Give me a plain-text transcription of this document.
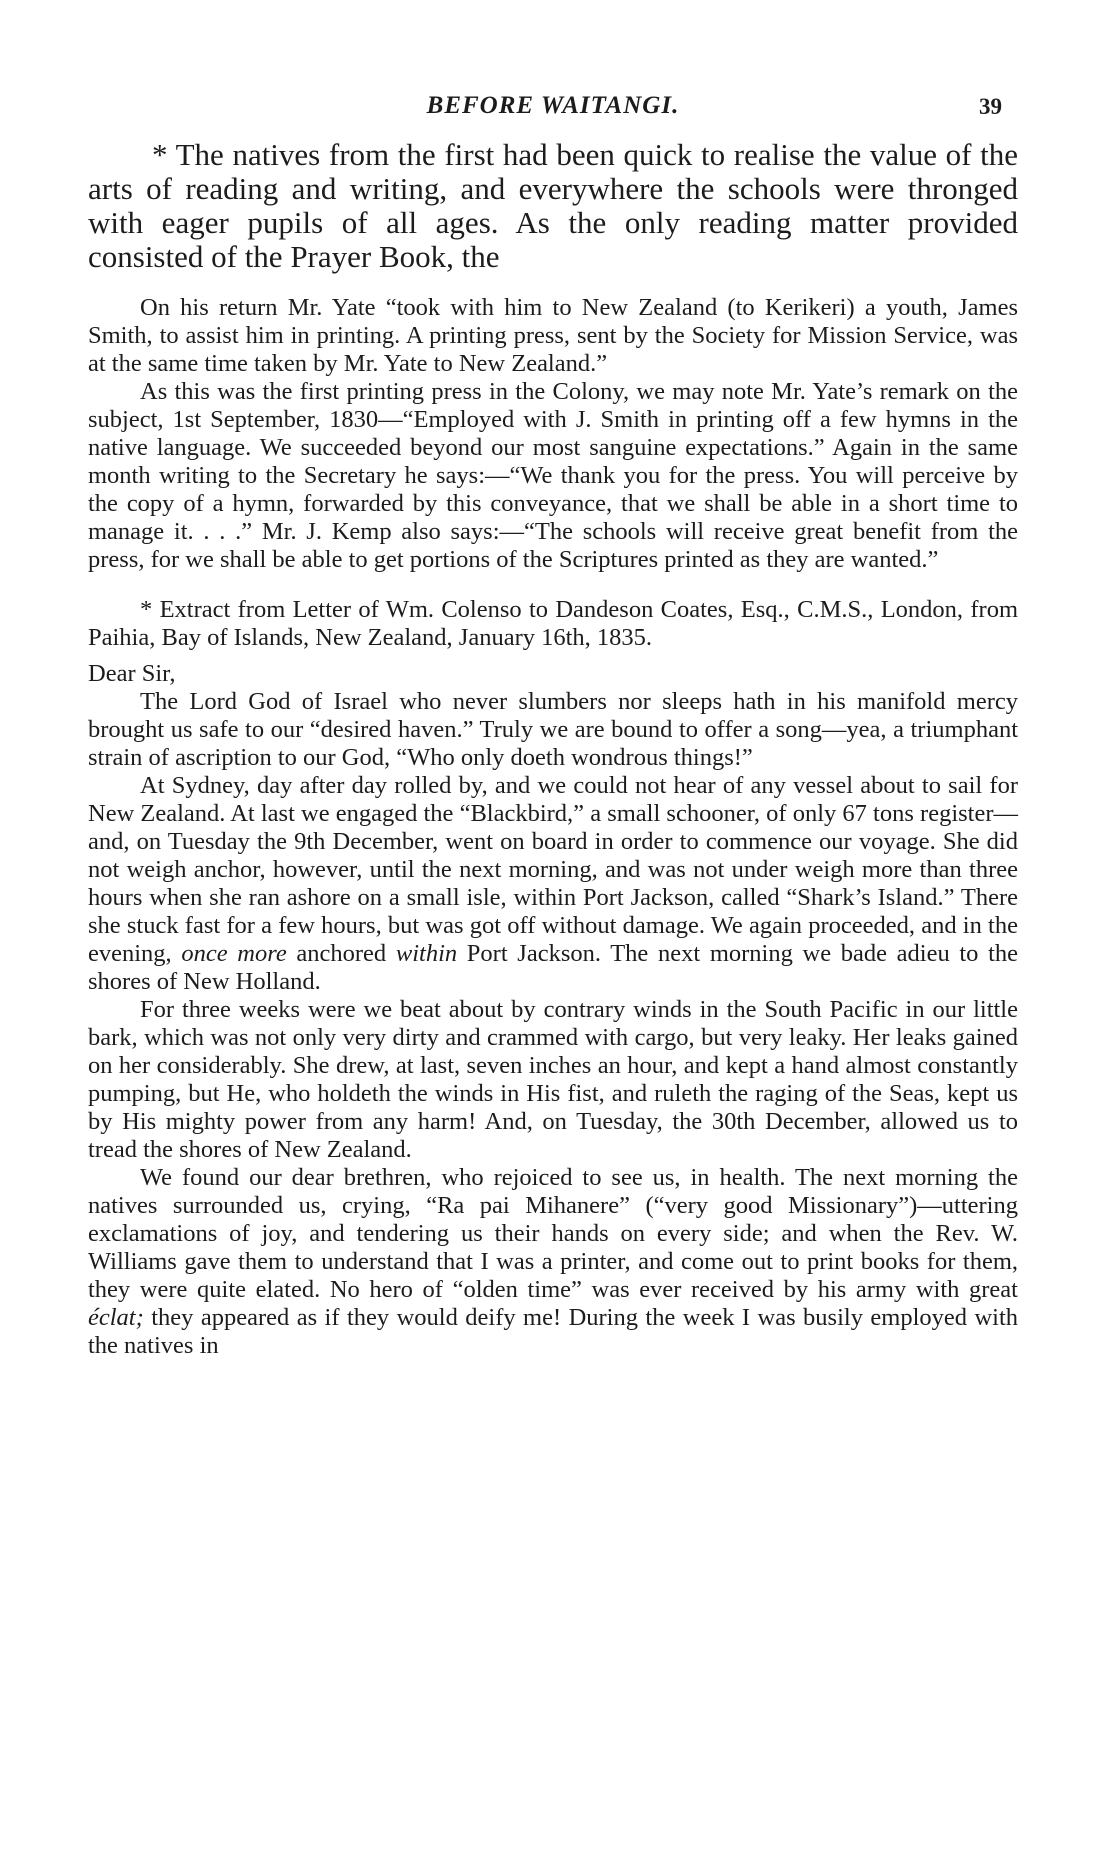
BEFORE WAITANGI.	39

* The natives from the first had been quick to realise the value of the arts of reading and writing, and everywhere the schools were thronged with eager pupils of all ages. As the only reading matter provided consisted of the Prayer Book, the

On his return Mr. Yate “took with him to New Zealand (to Kerikeri) a youth, James Smith, to assist him in printing. A printing press, sent by the Society for Mission Service, was at the same time taken by Mr. Yate to New Zealand.”

As this was the first printing press in the Colony, we may note Mr. Yate’s remark on the subject, 1st September, 1830—“Employed with J. Smith in printing off a few hymns in the native language. We succeeded beyond our most sanguine expectations.” Again in the same month writing to the Secretary he says:—“We thank you for the press. You will perceive by the copy of a hymn, forwarded by this conveyance, that we shall be able in a short time to manage it. . . .” Mr. J. Kemp also says:—“The schools will receive great benefit from the press, for we shall be able to get portions of the Scriptures printed as they are wanted.”

* Extract from Letter of Wm. Colenso to Dandeson Coates, Esq., C.M.S., London, from Paihia, Bay of Islands, New Zealand, January 16th, 1835.

Dear Sir,

The Lord God of Israel who never slumbers nor sleeps hath in his manifold mercy brought us safe to our “desired haven.” Truly we are bound to offer a song—yea, a triumphant strain of ascription to our God, “Who only doeth wondrous things!”

At Sydney, day after day rolled by, and we could not hear of any vessel about to sail for New Zealand. At last we engaged the “Blackbird,” a small schooner, of only 67 tons register—and, on Tuesday the 9th December, went on board in order to commence our voyage. She did not weigh anchor, however, until the next morning, and was not under weigh more than three hours when she ran ashore on a small isle, within Port Jackson, called “Shark’s Island.” There she stuck fast for a few hours, but was got off without damage. We again proceeded, and in the evening, once more anchored within Port Jackson. The next morning we bade adieu to the shores of New Holland.

For three weeks were we beat about by contrary winds in the South Pacific in our little bark, which was not only very dirty and crammed with cargo, but very leaky. Her leaks gained on her considerably. She drew, at last, seven inches an hour, and kept a hand almost constantly pumping, but He, who holdeth the winds in His fist, and ruleth the raging of the Seas, kept us by His mighty power from any harm! And, on Tuesday, the 30th December, allowed us to tread the shores of New Zealand.

We found our dear brethren, who rejoiced to see us, in health. The next morning the natives surrounded us, crying, “Ra pai Mihanere” (“very good Missionary”)—uttering exclamations of joy, and tendering us their hands on every side; and when the Rev. W. Williams gave them to understand that I was a printer, and come out to print books for them, they were quite elated. No hero of “olden time” was ever received by his army with great éclat; they appeared as if they would deify me! During the week I was busily employed with the natives in
